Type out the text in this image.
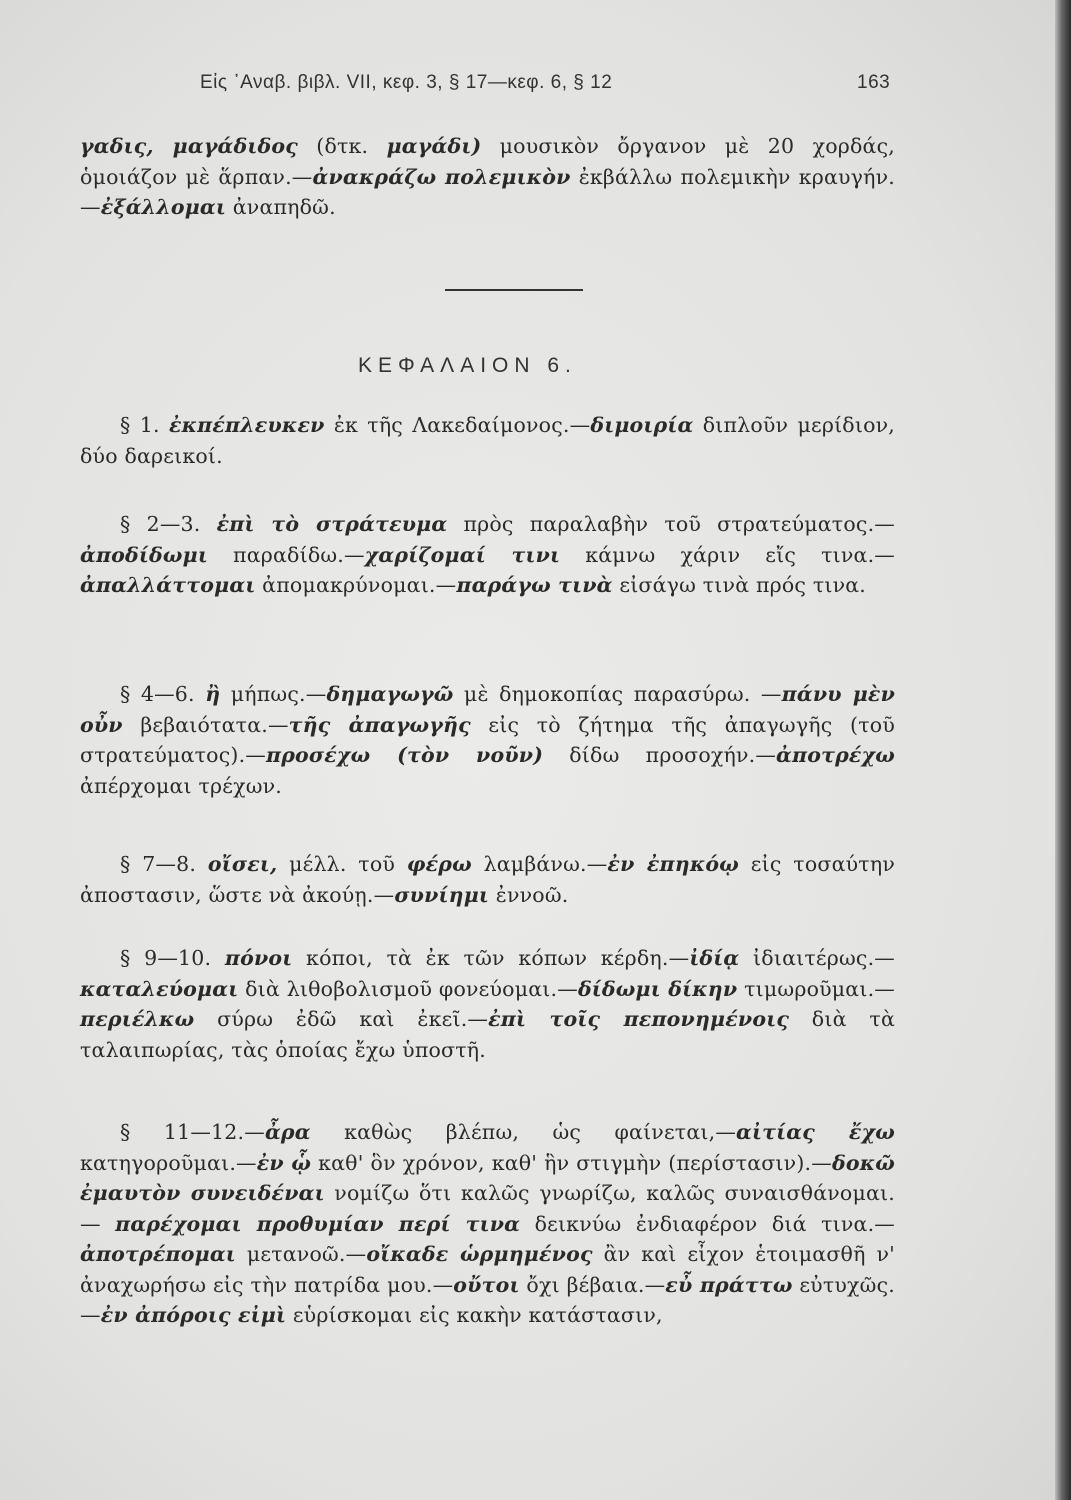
Εἰς ᾿Αναβ. βιβλ. VII, κεφ. 3, § 17—κεφ. 6, § 12	163
γαδις, μαγάδιδος (δτκ. μαγάδι) μουσικὸν ὄργανον μὲ 20 χορδάς, ὁμοιάζον μὲ ἅρπαν.—ἀνακράζω πολεμικὸν ἐκβάλλω πολεμικὴν κραυγήν.—ἐξάλλομαι ἀναπηδῶ.
ΚΕΦΑΛΑΙΟΝ 6.
§ 1. ἐκπέπλευκεν ἐκ τῆς Λακεδαίμονος.—διμοιρία διπλοῦν μερίδιον, δύο δαρεικοί.
§ 2—3. ἐπὶ τὸ στράτευμα πρὸς παραλαβὴν τοῦ στρατεύματος.—ἀποδίδωμι παραδίδω.—χαρίζομαί τινι κάμνω χάριν εἴς τινα.—ἀπαλλάττομαι ἀπομακρύνομαι.—παράγω τινὰ εἰσάγω τινὰ πρός τινα.
§ 4—6. ἢ μήπως.—δημαγωγῶ μὲ δημοκοπίας παρασύρω. —πάνυ μὲν οὖν βεβαιότατα.—τῆς ἀπαγωγῆς εἰς τὸ ζήτημα τῆς ἀπαγωγῆς (τοῦ στρατεύματος).—προσέχω (τὸν νοῦν) δίδω προσοχήν.—ἀποτρέχω ἀπέρχομαι τρέχων.
§ 7—8. οἴσει, μέλλ. τοῦ φέρω λαμβάνω.—ἐν ἐπηκόῳ εἰς τοσαύτην ἀποστασιν, ὥστε νὰ ἀκούῃ.—συνίημι ἐννοῶ.
§ 9—10. πόνοι κόποι, τὰ ἐκ τῶν κόπων κέρδη.—ἰδίᾳ ἰδιαιτέρως.—καταλεύομαι διὰ λιθοβολισμοῦ φονεύομαι.—δίδωμι δίκην τιμωροῦμαι.—περιέλκω σύρω ἐδῶ καὶ ἐκεῖ.—ἐπὶ τοῖς πεπονημένοις διὰ τὰ ταλαιπωρίας, τὰς ὁποίας ἔχω ὑποστῆ.
§ 11—12.—ἆρα καθὼς βλέπω, ὡς φαίνεται,—αἰτίας ἔχω κατηγοροῦμαι.—ἐν ᾧ καθ' ὃν χρόνον, καθ' ἣν στιγμὴν (περίστασιν).—δοκῶ ἐμαυτὸν συνειδέναι νομίζω ὅτι καλῶς γνωρίζω, καλῶς συναισθάνομαι. — παρέχομαι προθυμίαν περί τινα δεικνύω ἐνδιαφέρον διά τινα.—ἀποτρέπομαι μετανοῶ.—οἴκαδε ὡρμημένος ἂν καὶ εἶχον ἑτοιμασθῆ ν' ἀναχωρήσω εἰς τὴν πατρίδα μου.—οὔτοι ὄχι βέβαια.—εὖ πράττω εὐτυχῶς.—ἐν ἀπόροις εἰμὶ εὑρίσκομαι εἰς κακὴν κατάστασιν,
